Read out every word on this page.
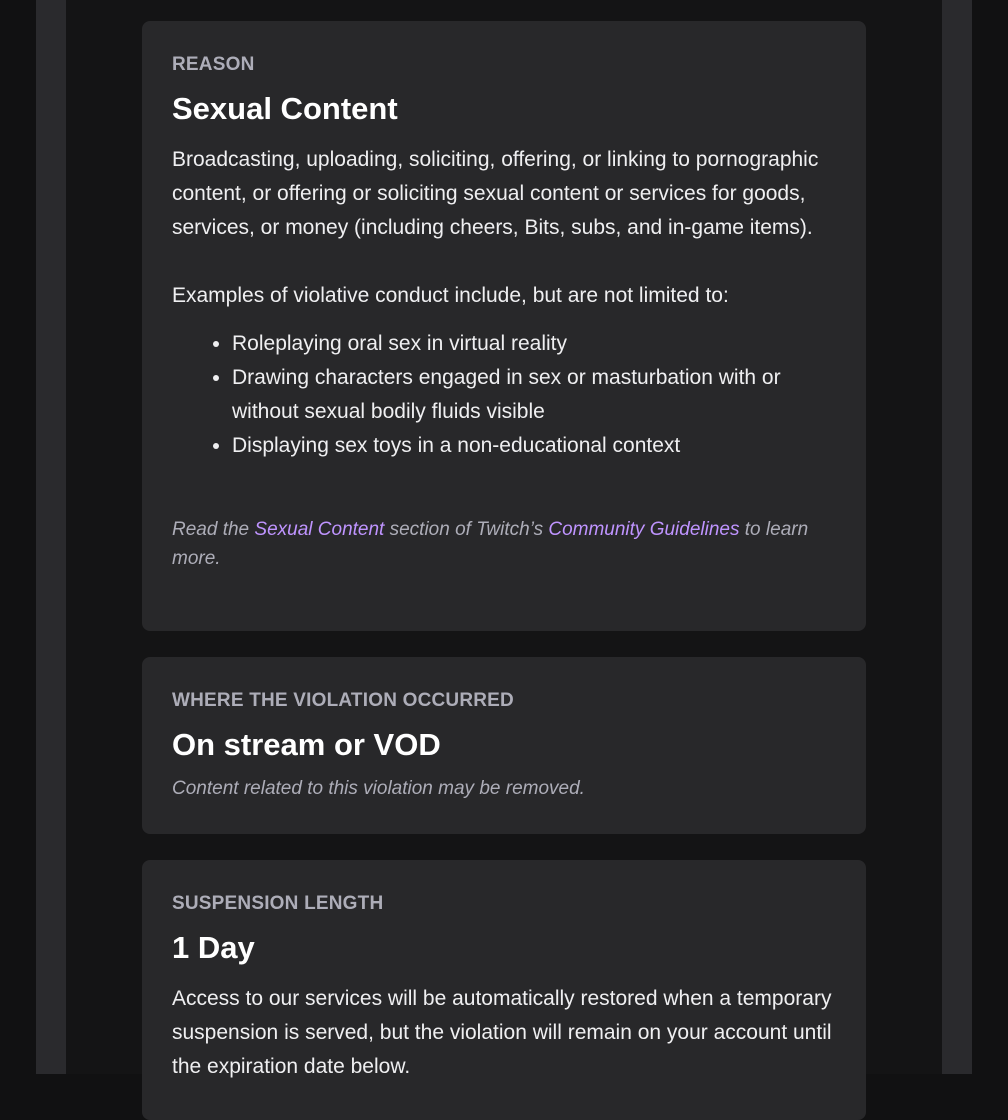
REASON

Sexual Content

Broadcasting, uploading, soliciting, offering, or linking to pornographic content, or offering or soliciting sexual content or services for goods, services, or money (including cheers, Bits, subs, and in-game items).

Examples of violative conduct include, but are not limited to:

• Roleplaying oral sex in virtual reality
• Drawing characters engaged in sex or masturbation with or without sexual bodily fluids visible
• Displaying sex toys in a non-educational context

Read the Sexual Content section of Twitch’s Community Guidelines to learn more.

WHERE THE VIOLATION OCCURRED

On stream or VOD

Content related to this violation may be removed.

SUSPENSION LENGTH

1 Day

Access to our services will be automatically restored when a temporary suspension is served, but the violation will remain on your account until the expiration date below.
